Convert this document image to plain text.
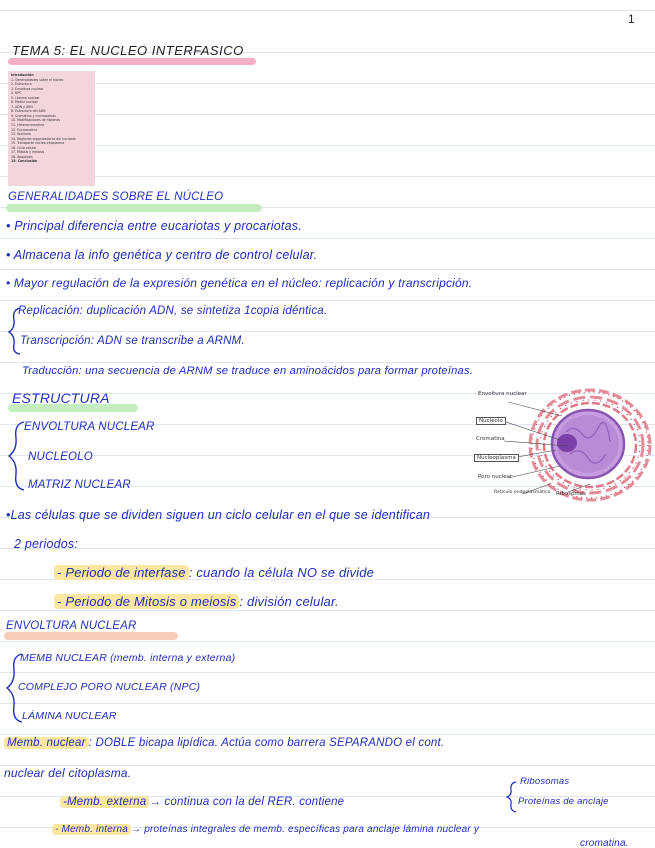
1
TEMA 5: EL NUCLEO INTERFASICO
Introducción
1. Generalidades sobre el núcleo
2. Estructura
3. Envoltura nuclear
4. NPC
5. Lámina nuclear
6. Matriz nuclear
7. ADN y ARN
8. Estructura del ADN
9. Cromatina y cromosomas
10. Modificaciones de histonas
11. Heterocromatina
12. Eucromatina
13. Nucleolo
14. Regiones organizadoras del nucleolo
15. Transporte núcleo-citoplasma
16. Ciclo celular
17. Mitosis y meiosis
18. Apoptosis
19. Conclusión
GENERALIDADES SOBRE EL NÚCLEO
• Principal diferencia entre eucariotas y procariotas.
• Almacena la info genética y centro de control celular.
• Mayor regulación de la expresión genética en el núcleo: replicación y transcripción.
Replicación: duplicación ADN, se sintetiza 1copia idéntica.
Transcripción: ADN se transcribe a ARNM.
Traducción: una secuencia de ARNM se traduce en aminoácidos para formar proteínas.
ESTRUCTURA
ENVOLTURA NUCLEAR
NUCLEOLO
MATRIZ NUCLEAR
Envoltura nuclear
Nucléolo
Cromatina
Nucleoplasma
Poro nuclear
Retículo endoplasmático Ribosomas
•Las células que se dividen siguen un ciclo celular en el que se identifican
2 periodos:
- Periodo de interfase : cuando la célula NO se divide
- Periodo de Mitosis o meiosis : división celular.
ENVOLTURA NUCLEAR
MEMB NUCLEAR (memb. interna y externa)
COMPLEJO PORO NUCLEAR (NPC)
LÁMINA NUCLEAR
Memb. nuclear : DOBLE bicapa lipídica. Actúa como barrera SEPARANDO el cont.
nuclear del citoplasma.
-Memb. externa → continua con la del RER. contiene
Ribosomas
Proteínas de anclaje
- Memb. interna → proteínas integrales de memb. específicas para anclaje lámina nuclear y
cromatina.
